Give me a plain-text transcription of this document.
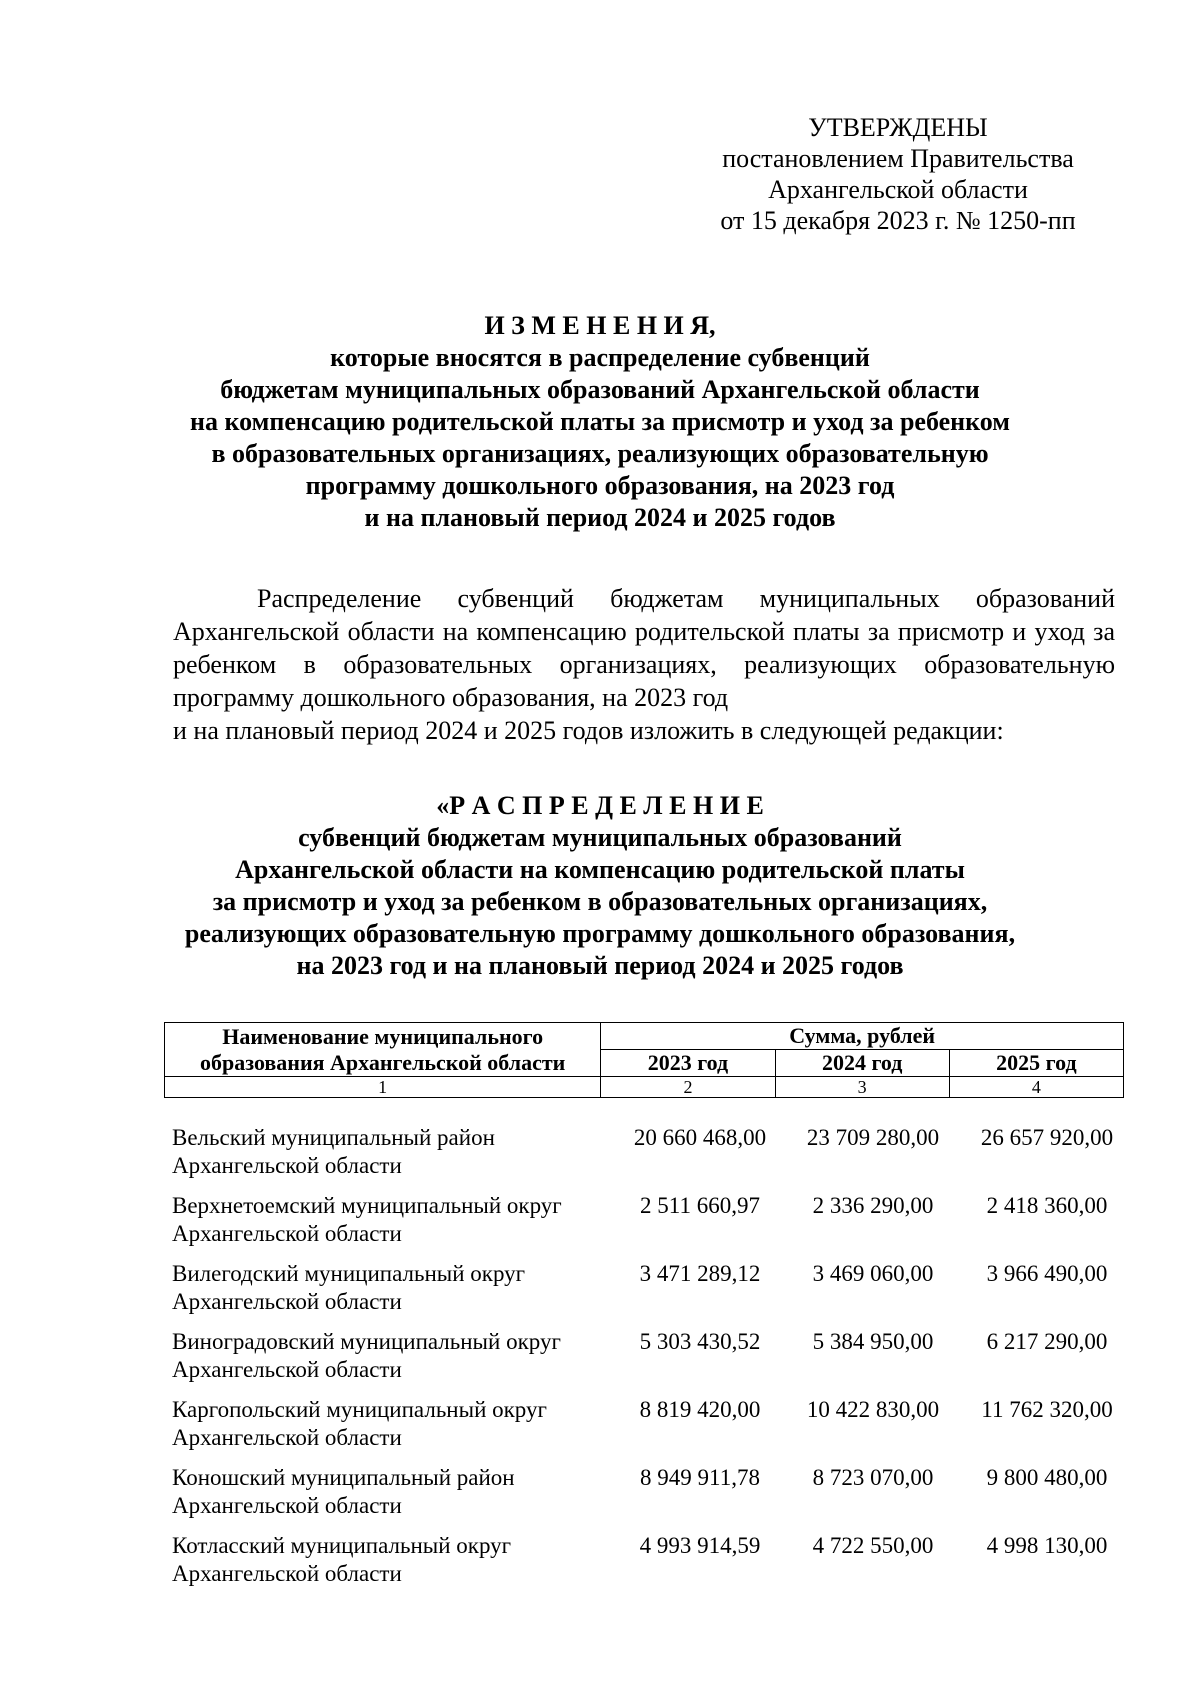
УТВЕРЖДЕНЫ
постановлением Правительства
Архангельской области
от 15 декабря 2023 г. № 1250-пп
И З М Е Н Е Н И Я,
которые вносятся в распределение субвенций
бюджетам муниципальных образований Архангельской области
на компенсацию родительской платы за присмотр и уход за ребенком
в образовательных организациях, реализующих образовательную
программу дошкольного образования, на 2023 год
и на плановый период 2024 и 2025 годов
Распределение субвенций бюджетам муниципальных образований Архангельской области на компенсацию родительской платы за присмотр и уход за ребенком в образовательных организациях, реализующих образовательную программу дошкольного образования, на 2023 год
и на плановый период 2024 и 2025 годов изложить в следующей редакции:
«Р А С П Р Е Д Е Л Е Н И Е
субвенций бюджетам муниципальных образований
Архангельской области на компенсацию родительской платы
за присмотр и уход за ребенком в образовательных организациях,
реализующих образовательную программу дошкольного образования,
на 2023 год и на плановый период 2024 и 2025 годов
Наименование муниципального
образования Архангельской области	Сумма, рублей		
	2023 год	2024 год	2025 год
1	2	3	4
Вельский муниципальный район
Архангельской области
20 660 468,00	23 709 280,00	26 657 920,00
Верхнетоемский муниципальный округ
Архангельской области
2 511 660,97	2 336 290,00	2 418 360,00
Вилегодский муниципальный округ
Архангельской области
3 471 289,12	3 469 060,00	3 966 490,00
Виноградовский муниципальный округ
Архангельской области
5 303 430,52	5 384 950,00	6 217 290,00
Каргопольский муниципальный округ
Архангельской области
8 819 420,00	10 422 830,00	11 762 320,00
Коношский муниципальный район
Архангельской области
8 949 911,78	8 723 070,00	9 800 480,00
Котласский муниципальный округ
Архангельской области
4 993 914,59	4 722 550,00	4 998 130,00
